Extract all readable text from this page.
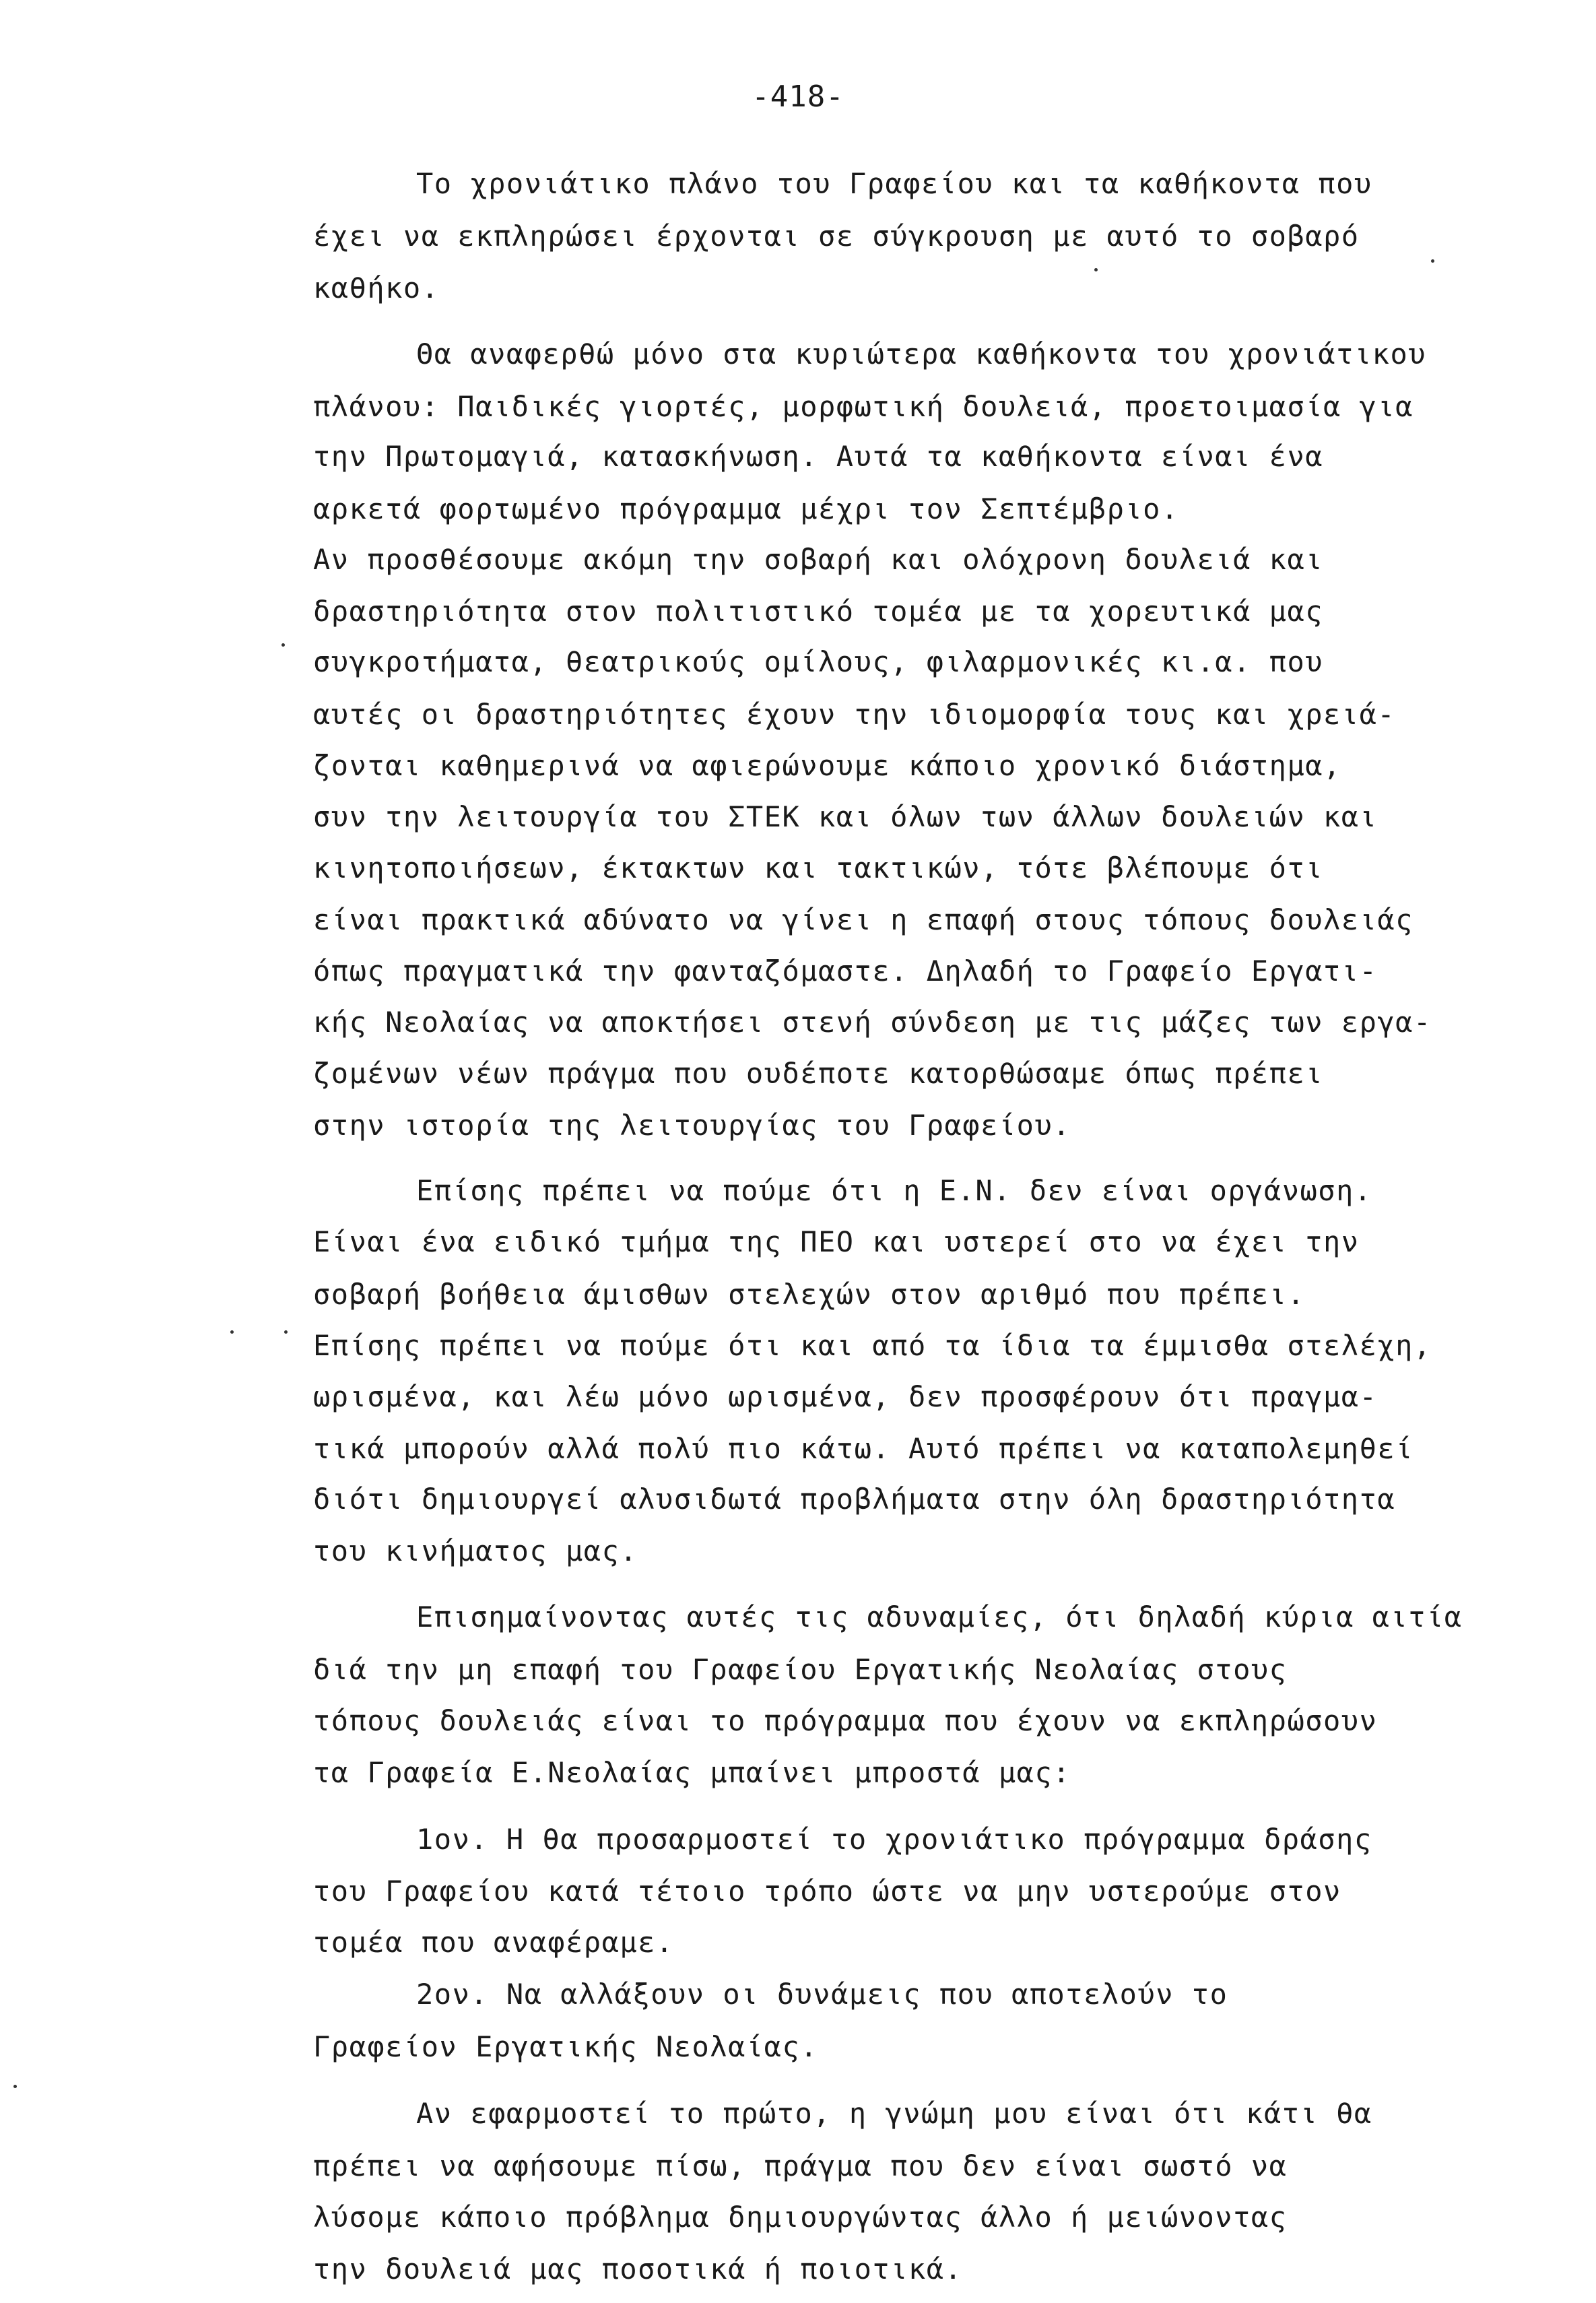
-418-
Το χρονιάτικο πλάνο του Γραφείου και τα καθήκοντα που
έχει να εκπληρώσει έρχονται σε σύγκρουση με αυτό το σοβαρό
καθήκο.
Θα αναφερθώ μόνο στα κυριώτερα καθήκοντα του χρονιάτικου
πλάνου: Παιδικές γιορτές, μορφωτική δουλειά, προετοιμασία για
την Πρωτομαγιά, κατασκήνωση. Αυτά τα καθήκοντα είναι ένα
αρκετά φορτωμένο πρόγραμμα μέχρι τον Σεπτέμβριο.
Αν προσθέσουμε ακόμη την σοβαρή και ολόχρονη δουλειά και
δραστηριότητα στον πολιτιστικό τομέα με τα χορευτικά μας
συγκροτήματα, θεατρικούς ομίλους, φιλαρμονικές κι.α. που
αυτές οι δραστηριότητες έχουν την ιδιομορφία τους και χρειά-
ζονται καθημερινά να αφιερώνουμε κάποιο χρονικό διάστημα,
συν την λειτουργία του ΣΤΕΚ και όλων των άλλων δουλειών και
κινητοποιήσεων, έκτακτων και τακτικών, τότε βλέπουμε ότι
είναι πρακτικά αδύνατο να γίνει η επαφή στους τόπους δουλειάς
όπως πραγματικά την φανταζόμαστε. Δηλαδή το Γραφείο Εργατι-
κής Νεολαίας να αποκτήσει στενή σύνδεση με τις μάζες των εργα-
ζομένων νέων πράγμα που ουδέποτε κατορθώσαμε όπως πρέπει
στην ιστορία της λειτουργίας του Γραφείου.
Επίσης πρέπει να πούμε ότι η Ε.Ν. δεν είναι οργάνωση.
Είναι ένα ειδικό τμήμα της ΠΕΟ και υστερεί στο να έχει την
σοβαρή βοήθεια άμισθων στελεχών στον αριθμό που πρέπει.
Επίσης πρέπει να πούμε ότι και από τα ίδια τα έμμισθα στελέχη,
ωρισμένα, και λέω μόνο ωρισμένα, δεν προσφέρουν ότι πραγμα-
τικά μπορούν αλλά πολύ πιο κάτω. Αυτό πρέπει να καταπολεμηθεί
διότι δημιουργεί αλυσιδωτά προβλήματα στην όλη δραστηριότητα
του κινήματος μας.
Επισημαίνοντας αυτές τις αδυναμίες, ότι δηλαδή κύρια αιτία
διά την μη επαφή του Γραφείου Εργατικής Νεολαίας στους
τόπους δουλειάς είναι το πρόγραμμα που έχουν να εκπληρώσουν
τα Γραφεία Ε.Νεολαίας μπαίνει μπροστά μας:
1ον. Η θα προσαρμοστεί το χρονιάτικο πρόγραμμα δράσης
του Γραφείου κατά τέτοιο τρόπο ώστε να μην υστερούμε στον
τομέα που αναφέραμε.
2ον. Να αλλάξουν οι δυνάμεις που αποτελούν το
Γραφείον Εργατικής Νεολαίας.
Αν εφαρμοστεί το πρώτο, η γνώμη μου είναι ότι κάτι θα
πρέπει να αφήσουμε πίσω, πράγμα που δεν είναι σωστό να
λύσομε κάποιο πρόβλημα δημιουργώντας άλλο ή μειώνοντας
την δουλειά μας ποσοτικά ή ποιοτικά.
